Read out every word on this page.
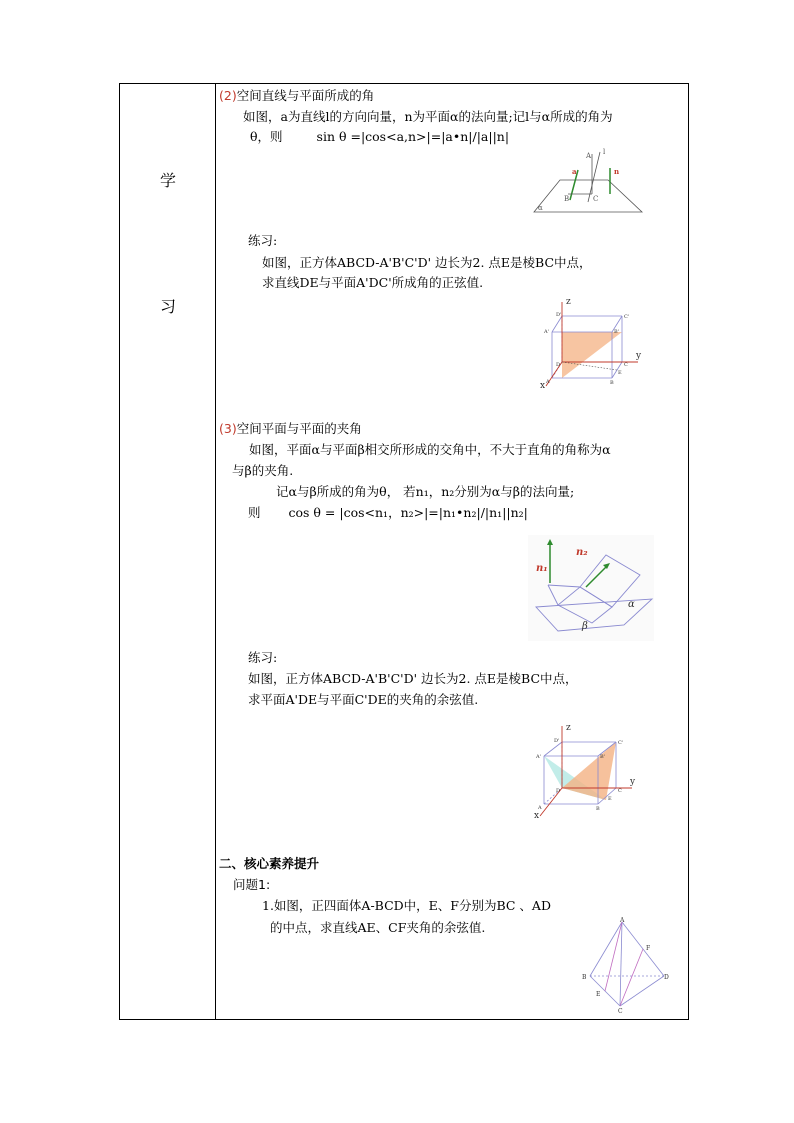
学
习
(2)空间直线与平面所成的角
如图，a为直线l的方向向量，n为平面α的法向量;记l与α所成的角为
θ，则	sin θ =|cos<a,n>|=|a•n|/|a||n|
A l
a	n
B	C
α
练习:
如图，正方体ABCD-A'B'C'D' 边长为2. 点E是棱BC中点，
求直线DE与平面A'DC'所成角的正弦值.
z
y
x
D'	C'
A'	B'
D	C
A	B
E
(3)空间平面与平面的夹角
如图，平面α与平面β相交所形成的交角中，不大于直角的角称为α
与β的夹角.
记α与β所成的角为θ， 若n₁，n₂分别为α与β的法向量;
则 cos θ = |cos<n₁，n₂>|=|n₁•n₂|/|n₁||n₂|
n₁
n₂
α
β
练习:
如图，正方体ABCD-A'B'C'D' 边长为2. 点E是棱BC中点，
求平面A'DE与平面C'DE的夹角的余弦值.
z
y
x
D'	C'
A'	B'
D	C
A	B
E
二、核心素养提升
问题1:
1.如图，正四面体A-BCD中，E、F分别为BC 、AD
的中点，求直线AE、CF夹角的余弦值.	A
B
C
D
E
F
